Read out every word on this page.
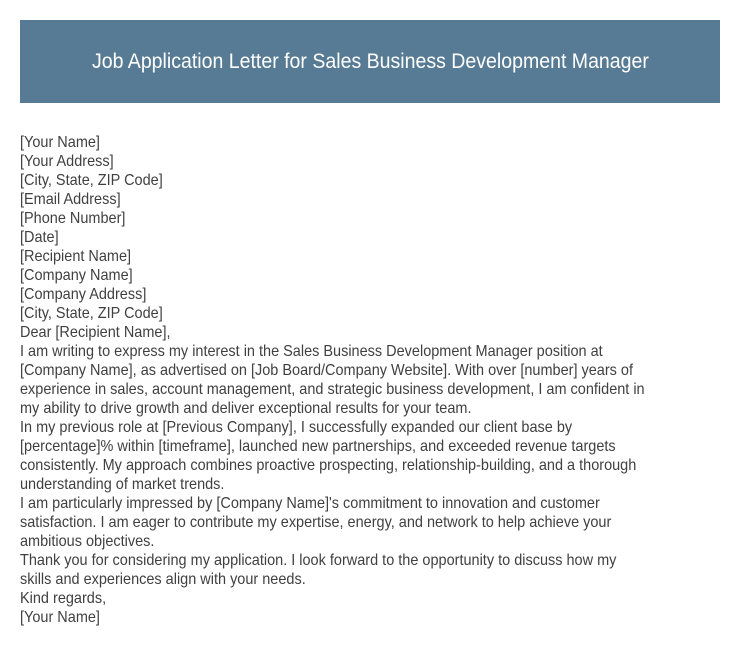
Job Application Letter for Sales Business Development Manager
[Your Name]
[Your Address]
[City, State, ZIP Code]
[Email Address]
[Phone Number]
[Date]
[Recipient Name]
[Company Name]
[Company Address]
[City, State, ZIP Code]
Dear [Recipient Name],
I am writing to express my interest in the Sales Business Development Manager position at
[Company Name], as advertised on [Job Board/Company Website]. With over [number] years of
experience in sales, account management, and strategic business development, I am confident in
my ability to drive growth and deliver exceptional results for your team.
In my previous role at [Previous Company], I successfully expanded our client base by
[percentage]% within [timeframe], launched new partnerships, and exceeded revenue targets
consistently. My approach combines proactive prospecting, relationship-building, and a thorough
understanding of market trends.
I am particularly impressed by [Company Name]'s commitment to innovation and customer
satisfaction. I am eager to contribute my expertise, energy, and network to help achieve your
ambitious objectives.
Thank you for considering my application. I look forward to the opportunity to discuss how my
skills and experiences align with your needs.
Kind regards,
[Your Name]
